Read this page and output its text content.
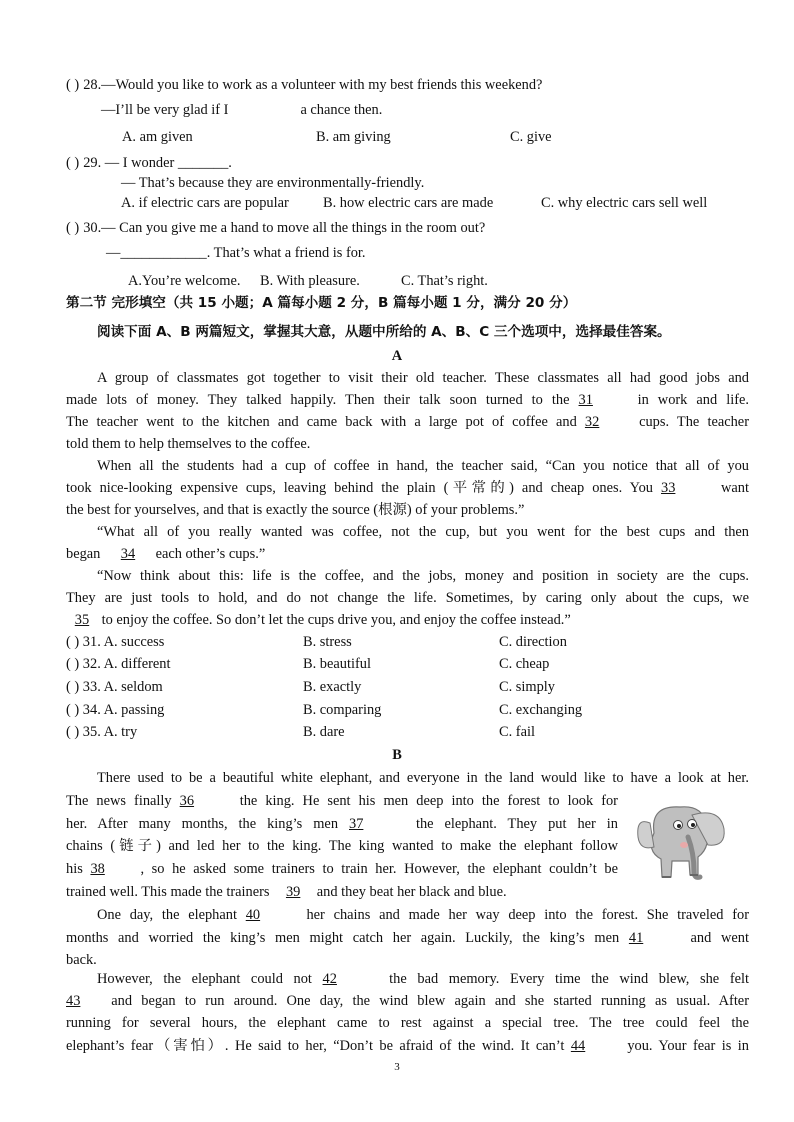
( ) 28.—Would you like to work as a volunteer with my best friends this weekend?
—I’ll be very glad if I	a chance then.
A. am given	B. am giving	C. give
( ) 29. — I wonder _______.
— That’s because they are environmentally-friendly.
A. if electric cars are popular B. how electric cars are made	C. why electric cars sell well
( ) 30.— Can you give me a hand to move all the things in the room out?
—____________. That’s what a friend is for.
A.You’re welcome. B. With pleasure.	C. That’s right.
第二节 完形填空（共 15 小题；A 篇每小题 2 分，B 篇每小题 1 分，满分 20 分）
阅读下面 A、B 两篇短文，掌握其大意，从题中所给的 A、B、C 三个选项中，选择最佳答案。
A
A group of classmates got together to visit their old teacher. These classmates all had good jobs and
made lots of money. They talked happily. Then their talk soon turned to the 31	in work and life.
The teacher went to the kitchen and came back with a large pot of coffee and 32	cups. The teacher
told them to help themselves to the coffee.
When all the students had a cup of coffee in hand, the teacher said, “Can you notice that all of you
took nice-looking expensive cups, leaving behind the plain (平常的) and cheap ones. You 33	want
the best for yourselves, and that is exactly the source (根源) of your problems.”
“What all of you really wanted was coffee, not the cup, but you went for the best cups and then
began 34 each other’s cups.”
“Now think about this: life is the coffee, and the jobs, money and position in society are the cups.
They are just tools to hold, and do not change the life. Sometimes, by caring only about the cups, we
35 to enjoy the coffee. So don’t let the cups drive you, and enjoy the coffee instead.”
( ) 31. A. success	B. stress	C. direction
( ) 32. A. different	B. beautiful	C. cheap
( ) 33. A. seldom	B. exactly	C. simply
( ) 34. A. passing	B. comparing	C. exchanging
( ) 35. A. try	B. dare	C. fail
B
There used to be a beautiful white elephant, and everyone in the land would like to have a look at her.
The news finally 36	the king. He sent his men deep into the forest to look for
her. After many months, the king’s men 37	the elephant. They put her in
chains (链子) and led her to the king. The king wanted to make the elephant follow
his 38 , so he asked some trainers to train her. However, the elephant couldn’t be
trained well. This made the trainers 39 and they beat her black and blue.
One day, the elephant 40	her chains and made her way deep into the forest. She traveled for
months and worried the king’s men might catch her again. Luckily, the king’s men 41	and went
back.
However, the elephant could not 42	the bad memory. Every time the wind blew, she felt
43 and began to run around. One day, the wind blew again and she started running as usual. After
running for several hours, the elephant came to rest against a special tree. The tree could feel the
elephant’s fear（害怕）. He said to her, “Don’t be afraid of the wind. It can’t 44	you. Your fear is in
3
